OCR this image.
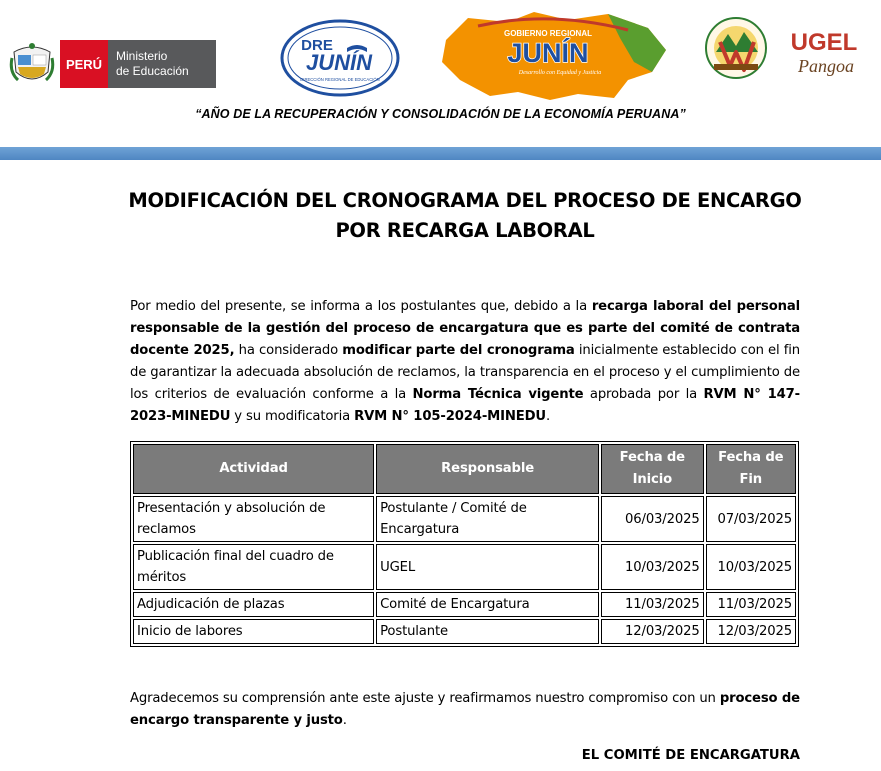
PERÚ
Ministerio
de Educación
DRE
JUNÍN
DIRECCIÓN REGIONAL DE EDUCACIÓN
GOBIERNO REGIONAL
JUNÍN
Desarrollo con Equidad y Justicia
UGEL
Pangoa
“AÑO DE LA RECUPERACIÓN Y CONSOLIDACIÓN DE LA ECONOMÍA PERUANA”
MODIFICACIÓN DEL CRONOGRAMA DEL PROCESO DE ENCARGO
POR RECARGA LABORAL

Por medio del presente, se informa a los postulantes que, debido a la recarga laboral del personal responsable de la gestión del proceso de encargatura que es parte del comité de contrata docente 2025, ha considerado modificar parte del cronograma inicialmente establecido con el fin de garantizar la adecuada absolución de reclamos, la transparencia en el proceso y el cumplimiento de los criterios de evaluación conforme a la Norma Técnica vigente aprobada por la RVM N° 147-2023-MINEDU y su modificatoria RVM N° 105-2024-MINEDU.

Actividad	Responsable	Fecha de Inicio	Fecha de Fin
Presentación y absolución de reclamos	Postulante / Comité de Encargatura	06/03/2025	07/03/2025
Publicación final del cuadro de méritos	UGEL	10/03/2025	10/03/2025
Adjudicación de plazas	Comité de Encargatura	11/03/2025	11/03/2025
Inicio de labores	Postulante	12/03/2025	12/03/2025

Agradecemos su comprensión ante este ajuste y reafirmamos nuestro compromiso con un proceso de encargo transparente y justo.

EL COMITÉ DE ENCARGATURA
